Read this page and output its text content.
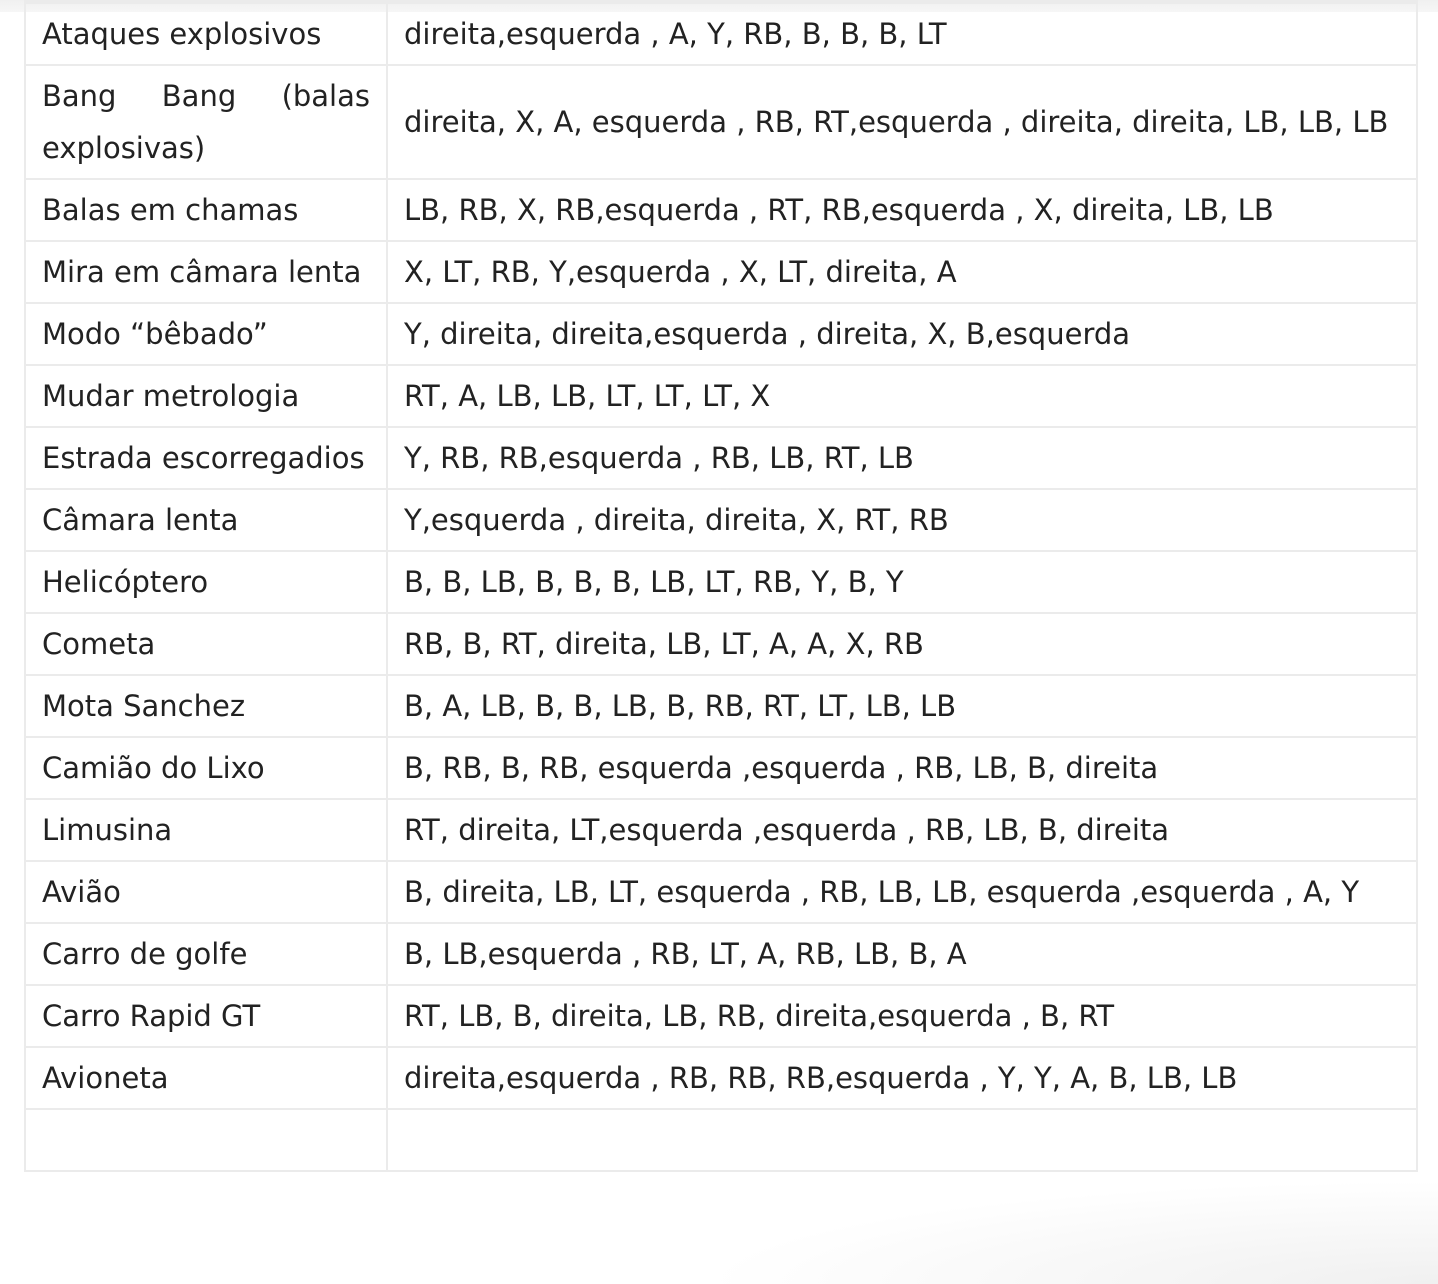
Ataques explosivos	direita,esquerda , A, Y, RB, B, B, B, LT
Bang Bang (balas explosivas)	direita, X, A, esquerda , RB, RT,esquerda , direita, direita, LB, LB, LB
Balas em chamas	LB, RB, X, RB,esquerda , RT, RB,esquerda , X, direita, LB, LB
Mira em câmara lenta	X, LT, RB, Y,esquerda , X, LT, direita, A
Modo “bêbado”	Y, direita, direita,esquerda , direita, X, B,esquerda
Mudar metrologia	RT, A, LB, LB, LT, LT, LT, X
Estrada escorregadios	Y, RB, RB,esquerda , RB, LB, RT, LB
Câmara lenta	Y,esquerda , direita, direita, X, RT, RB
Helicóptero	B, B, LB, B, B, B, LB, LT, RB, Y, B, Y
Cometa	RB, B, RT, direita, LB, LT, A, A, X, RB
Mota Sanchez	B, A, LB, B, B, LB, B, RB, RT, LT, LB, LB
Camião do Lixo	B, RB, B, RB, esquerda ,esquerda , RB, LB, B, direita
Limusina	RT, direita, LT,esquerda ,esquerda , RB, LB, B, direita
Avião	B, direita, LB, LT, esquerda , RB, LB, LB, esquerda ,esquerda , A, Y
Carro de golfe	B, LB,esquerda , RB, LT, A, RB, LB, B, A
Carro Rapid GT	RT, LB, B, direita, LB, RB, direita,esquerda , B, RT
Avioneta	direita,esquerda , RB, RB, RB,esquerda , Y, Y, A, B, LB, LB
